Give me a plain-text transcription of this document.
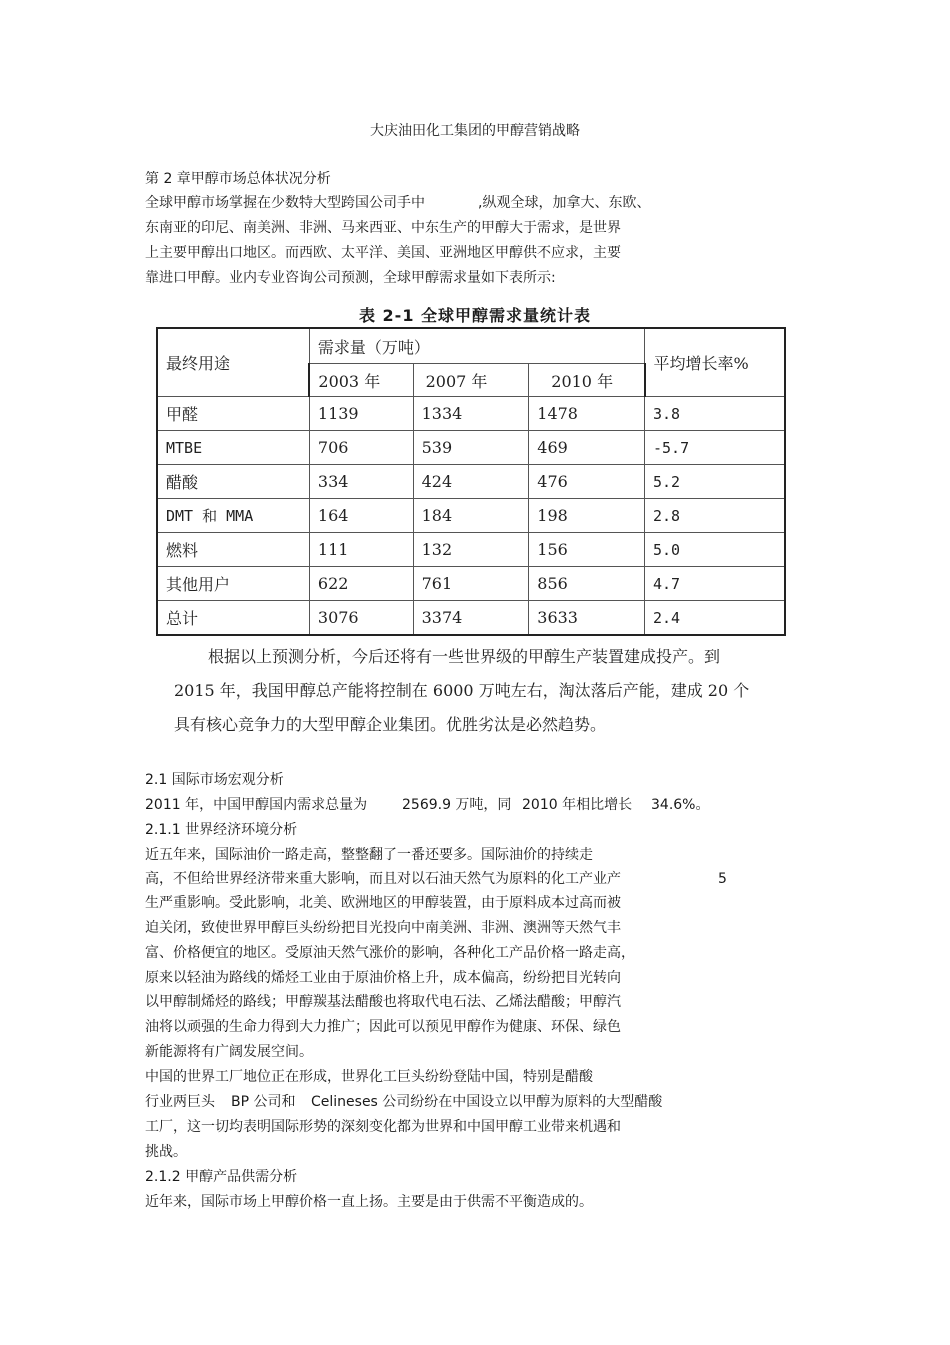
大庆油田化工集团的甲醇营销战略
第 2 章甲醇市场总体状况分析
全球甲醇市场掌握在少数特大型跨国公司手中	,纵观全球，加拿大、东欧、
东南亚的印尼、南美洲、非洲、马来西亚、中东生产的甲醇大于需求，是世界
上主要甲醇出口地区。而西欧、太平洋、美国、亚洲地区甲醇供不应求，主要
靠进口甲醇。业内专业咨询公司预测，全球甲醇需求量如下表所示:
表 2-1 全球甲醇需求量统计表
最终用途	需求量（万吨）			平均增长率%
	2003 年	2007 年	2010 年	
甲醛	1139	1334	1478	3.8
MTBE	706	539	469	-5.7
醋酸	334	424	476	5.2
DMT 和 MMA	164	184	198	2.8
燃料	111	132	156	5.0
其他用户	622	761	856	4.7
总计	3076	3374	3633	2.4
根据以上预测分析，今后还将有一些世界级的甲醇生产装置建成投产。到
2015 年，我国甲醇总产能将控制在 6000 万吨左右，淘汰落后产能，建成 20 个
具有核心竞争力的大型甲醇企业集团。优胜劣汰是必然趋势。
2.1 国际市场宏观分析
2011 年，中国甲醇国内需求总量为 2569.9 万吨，同 2010 年相比增长 34.6%。
2.1.1 世界经济环境分析
近五年来，国际油价一路走高，整整翻了一番还要多。国际油价的持续走
高，不但给世界经济带来重大影响，而且对以石油天然气为原料的化工产业产	5
生严重影响。受此影响，北美、欧洲地区的甲醇装置，由于原料成本过高而被
迫关闭，致使世界甲醇巨头纷纷把目光投向中南美洲、非洲、澳洲等天然气丰
富、价格便宜的地区。受原油天然气涨价的影响，各种化工产品价格一路走高，
原来以轻油为路线的烯烃工业由于原油价格上升，成本偏高，纷纷把目光转向
以甲醇制烯烃的路线；甲醇羰基法醋酸也将取代电石法、乙烯法醋酸；甲醇汽
油将以顽强的生命力得到大力推广；因此可以预见甲醇作为健康、环保、绿色
新能源将有广阔发展空间。
中国的世界工厂地位正在形成，世界化工巨头纷纷登陆中国，特别是醋酸
行业两巨头 BP 公司和 Celineses 公司纷纷在中国设立以甲醇为原料的大型醋酸
工厂，这一切均表明国际形势的深刻变化都为世界和中国甲醇工业带来机遇和
挑战。
2.1.2 甲醇产品供需分析
近年来，国际市场上甲醇价格一直上扬。主要是由于供需不平衡造成的。
